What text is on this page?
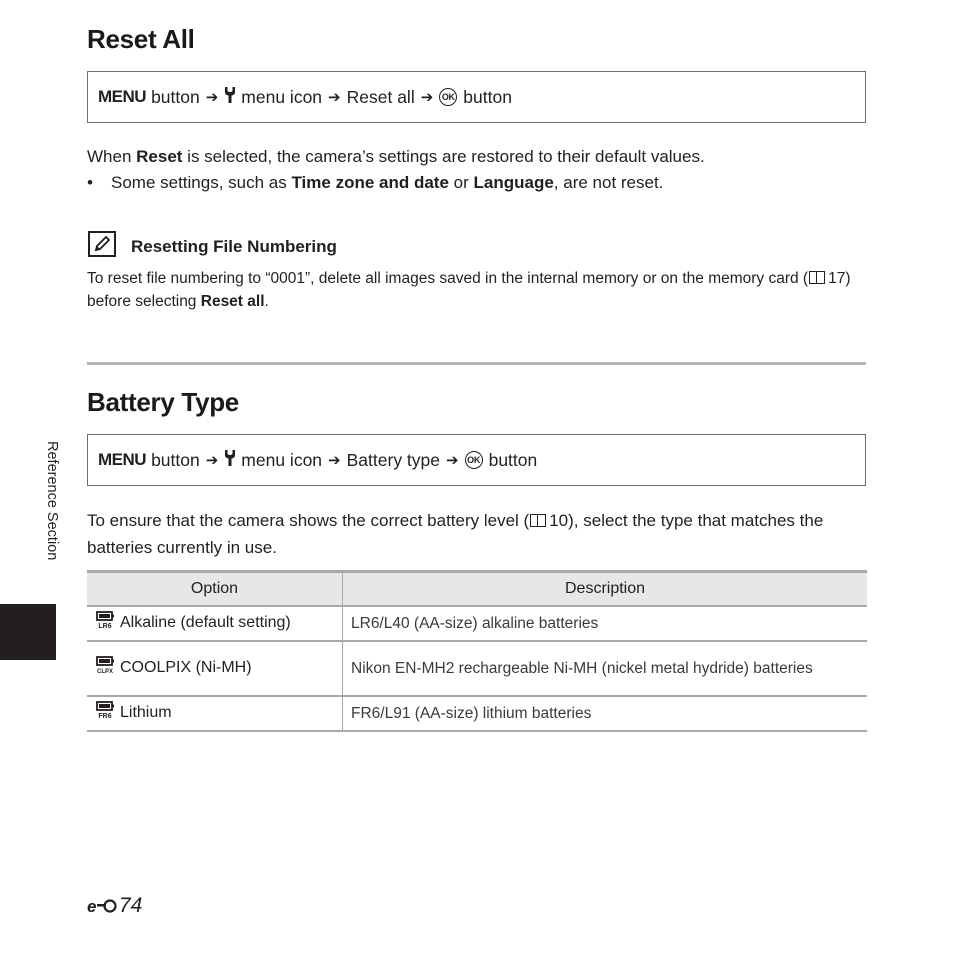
Reset All
MENU button ➔ menu icon ➔ Reset all ➔ OK button
When Reset is selected, the camera’s settings are restored to their default values.
• Some settings, such as Time zone and date or Language, are not reset.
Resetting File Numbering
To reset file numbering to “0001”, delete all images saved in the internal memory or on the memory card ( 17) before selecting Reset all.
Battery Type
MENU button ➔ menu icon ➔ Battery type ➔ OK button
To ensure that the camera shows the correct battery level ( 10), select the type that matches the batteries currently in use.
Option	Description

LR6 Alkaline (default setting)	LR6/L40 (AA-size) alkaline batteries

CLPX COOLPIX (Ni-MH)	Nikon EN-MH2 rechargeable Ni-MH (nickel metal hydride) batteries

FR6 Lithium	FR6/L91 (AA-size) lithium batteries
Reference Section
e 74
